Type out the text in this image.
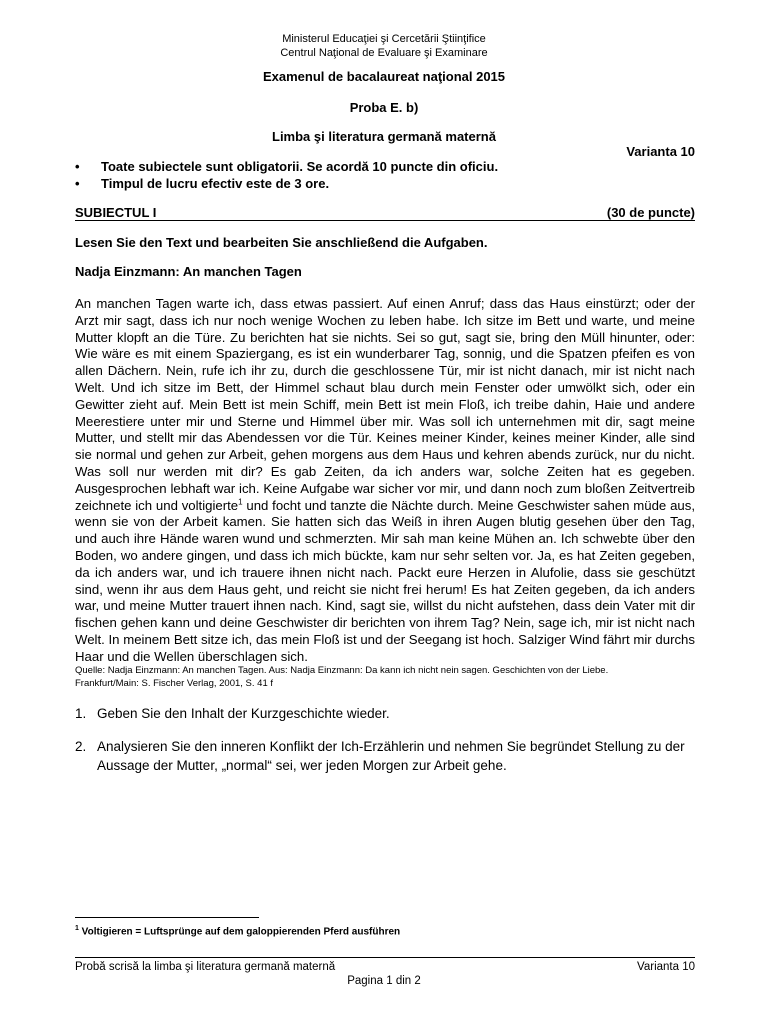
Ministerul Educaţiei şi Cercetării Ştiinţifice
Centrul Naţional de Evaluare şi Examinare
Examenul de bacalaureat naţional 2015
Proba E. b)
Limba şi literatura germană maternă
Varianta 10
• Toate subiectele sunt obligatorii. Se acordă 10 puncte din oficiu.
• Timpul de lucru efectiv este de 3 ore.
SUBIECTUL I	(30 de puncte)
Lesen Sie den Text und bearbeiten Sie anschließend die Aufgaben.
Nadja Einzmann: An manchen Tagen

An manchen Tagen warte ich, dass etwas passiert. Auf einen Anruf; dass das Haus einstürzt; oder der Arzt mir sagt, dass ich nur noch wenige Wochen zu leben habe. Ich sitze im Bett und warte, und meine Mutter klopft an die Türe. Zu berichten hat sie nichts. Sei so gut, sagt sie, bring den Müll hinunter, oder: Wie wäre es mit einem Spaziergang, es ist ein wunderbarer Tag, sonnig, und die Spatzen pfeifen es von allen Dächern. Nein, rufe ich ihr zu, durch die geschlossene Tür, mir ist nicht danach, mir ist nicht nach Welt. Und ich sitze im Bett, der Himmel schaut blau durch mein Fenster oder umwölkt sich, oder ein Gewitter zieht auf. Mein Bett ist mein Schiff, mein Bett ist mein Floß, ich treibe dahin, Haie und andere Meerestiere unter mir und Sterne und Himmel über mir. Was soll ich unternehmen mit dir, sagt meine Mutter, und stellt mir das Abendessen vor die Tür. Keines meiner Kinder, keines meiner Kinder, alle sind sie normal und gehen zur Arbeit, gehen morgens aus dem Haus und kehren abends zurück, nur du nicht. Was soll nur werden mit dir? Es gab Zeiten, da ich anders war, solche Zeiten hat es gegeben. Ausgesprochen lebhaft war ich. Keine Aufgabe war sicher vor mir, und dann noch zum bloßen Zeitvertreib zeichnete ich und voltigierte$^1$ und focht und tanzte die Nächte durch. Meine Geschwister sahen müde aus, wenn sie von der Arbeit kamen. Sie hatten sich das Weiß in ihren Augen blutig gesehen über den Tag, und auch ihre Hände waren wund und schmerzten. Mir sah man keine Mühen an. Ich schwebte über den Boden, wo andere gingen, und dass ich mich bückte, kam nur sehr selten vor. Ja, es hat Zeiten gegeben, da ich anders war, und ich trauere ihnen nicht nach. Packt eure Herzen in Alufolie, dass sie geschützt sind, wenn ihr aus dem Haus geht, und reicht sie nicht frei herum! Es hat Zeiten gegeben, da ich anders war, und meine Mutter trauert ihnen nach. Kind, sagt sie, willst du nicht aufstehen, dass dein Vater mit dir fischen gehen kann und deine Geschwister dir berichten von ihrem Tag? Nein, sage ich, mir ist nicht nach Welt. In meinem Bett sitze ich, das mein Floß ist und der Seegang ist hoch. Salziger Wind fährt mir durchs Haar und die Wellen überschlagen sich.

Quelle: Nadja Einzmann: An manchen Tagen. Aus: Nadja Einzmann: Da kann ich nicht nein sagen. Geschichten von der Liebe.
Frankfurt/Main: S. Fischer Verlag, 2001, S. 41 f
1. Geben Sie den Inhalt der Kurzgeschichte wieder.
2. Analysieren Sie den inneren Konflikt der Ich-Erzählerin und nehmen Sie begründet Stellung zu der Aussage der Mutter, „normal“ sei, wer jeden Morgen zur Arbeit gehe.
$^1$ Voltigieren = Luftsprünge auf dem galoppierenden Pferd ausführen
Probă scrisă la limba şi literatura germană maternă	Varianta 10
Pagina 1 din 2
